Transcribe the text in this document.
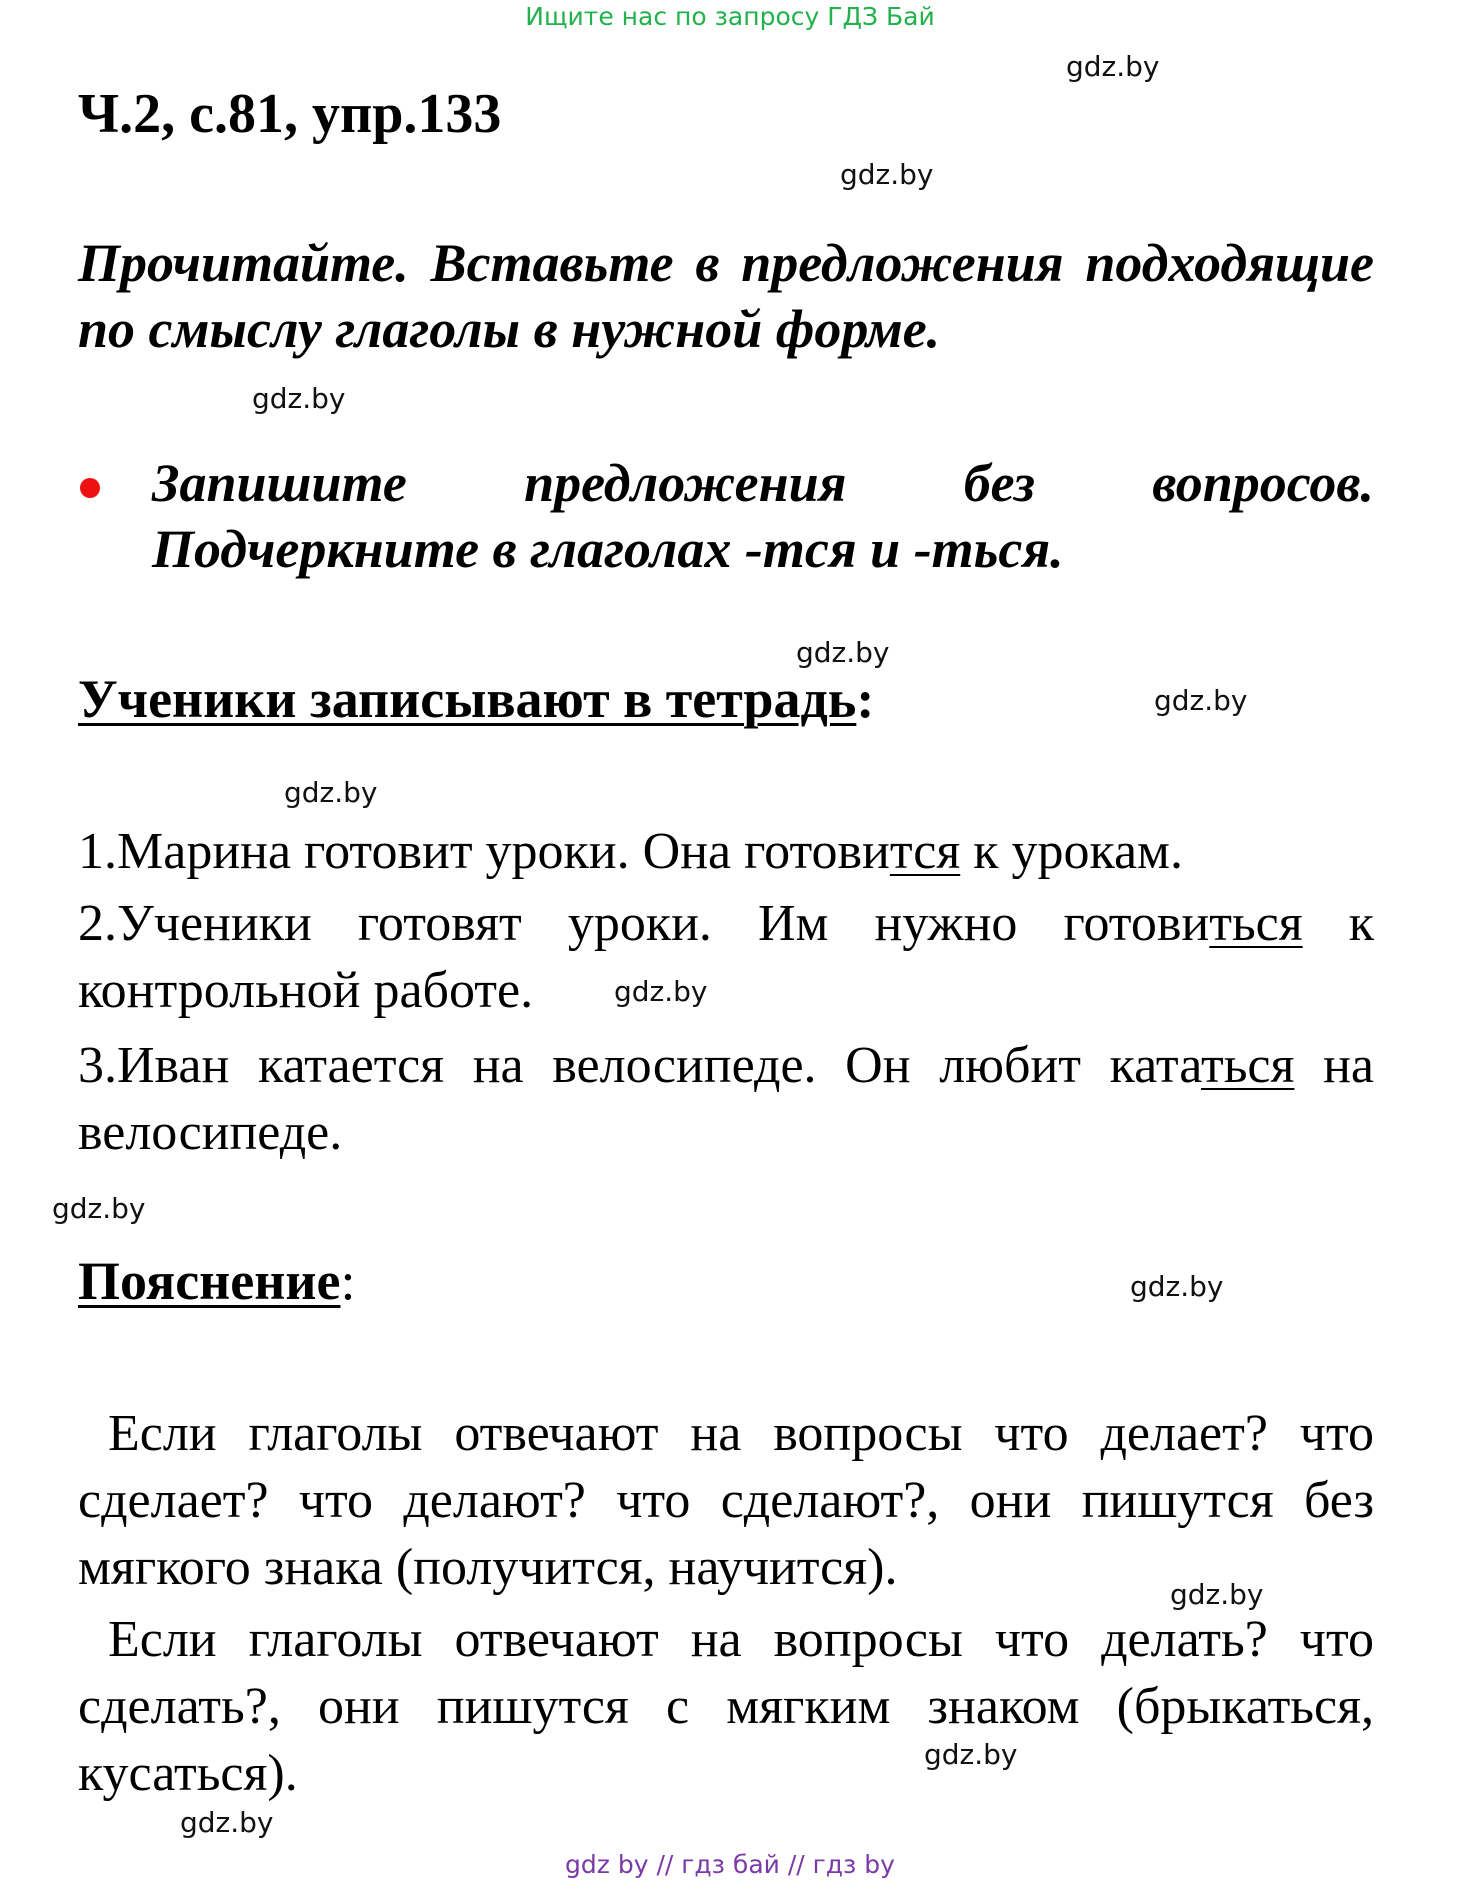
Ищите нас по запросу ГДЗ Бай
gdz.by
gdz.by
gdz.by
gdz.by
gdz.by
gdz.by
gdz.by
gdz.by
gdz.by
gdz.by
gdz.by
gdz.by
Ч.2, с.81, упр.133
Прочитайте. Вставьте в предложения подходящие по смыслу глаголы в нужной форме.
Запишите предложения без вопросов. Подчеркните в глаголах -тся и -ться.
Ученики записывают в тетрадь:
1.Марина готовит уроки. Она готовится к урокам.
2.Ученики готовят уроки. Им нужно готовиться к контрольной работе.
3.Иван катается на велосипеде. Он любит кататься на велосипеде.
Пояснение:
Если глаголы отвечают на вопросы что делает? что сделает? что делают? что сделают?, они пишутся без мягкого знака (получится, научится).
Если глаголы отвечают на вопросы что делать? что сделать?, они пишутся с мягким знаком (брыкаться, кусаться).
gdz by // гдз бай // гдз by
